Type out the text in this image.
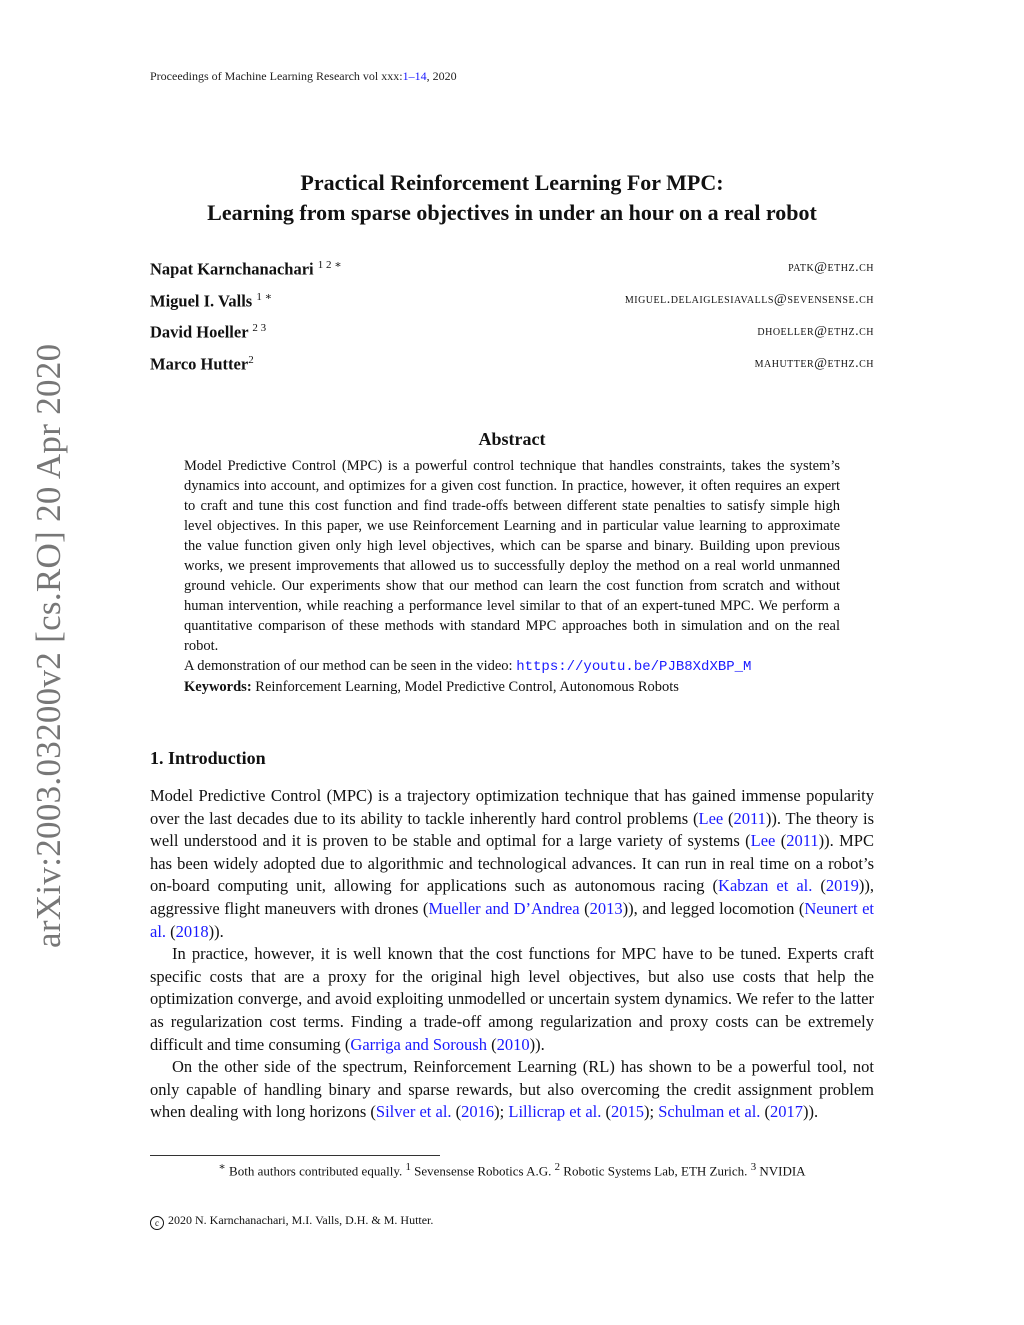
Proceedings of Machine Learning Research vol xxx:1–14, 2020
arXiv:2003.03200v2 [cs.RO] 20 Apr 2020
Practical Reinforcement Learning For MPC:
Learning from sparse objectives in under an hour on a real robot
Napat Karnchanachari $^{1 2 ∗}$	patk@ethz.ch
Miguel I. Valls $^{1 ∗}$	miguel.delaiglesiavalls@sevensense.ch
David Hoeller $^{2 3}$	dhoeller@ethz.ch
Marco Hutter$^2$	mahutter@ethz.ch
Abstract

Model Predictive Control (MPC) is a powerful control technique that handles constraints, takes the system’s dynamics into account, and optimizes for a given cost function. In practice, however, it often requires an expert to craft and tune this cost function and find trade-offs between different state penalties to satisfy simple high level objectives. In this paper, we use Reinforcement Learning and in particular value learning to approximate the value function given only high level objectives, which can be sparse and binary. Building upon previous works, we present improvements that allowed us to successfully deploy the method on a real world unmanned ground vehicle. Our experiments show that our method can learn the cost function from scratch and without human intervention, while reaching a performance level similar to that of an expert-tuned MPC. We perform a quantitative comparison of these methods with standard MPC approaches both in simulation and on the real robot.

A demonstration of our method can be seen in the video: https://youtu.be/PJB8XdXBP_M

Keywords: Reinforcement Learning, Model Predictive Control, Autonomous Robots

1. Introduction

Model Predictive Control (MPC) is a trajectory optimization technique that has gained immense popularity over the last decades due to its ability to tackle inherently hard control problems (Lee (2011)). The theory is well understood and it is proven to be stable and optimal for a large variety of systems (Lee (2011)). MPC has been widely adopted due to algorithmic and technological advances. It can run in real time on a robot’s on-board computing unit, allowing for applications such as autonomous racing (Kabzan et al. (2019)), aggressive flight maneuvers with drones (Mueller and D’Andrea (2013)), and legged locomotion (Neunert et al. (2018)).

In practice, however, it is well known that the cost functions for MPC have to be tuned. Experts craft specific costs that are a proxy for the original high level objectives, but also use costs that help the optimization converge, and avoid exploiting unmodelled or uncertain system dynamics. We refer to the latter as regularization cost terms. Finding a trade-off among regularization and proxy costs can be extremely difficult and time consuming (Garriga and Soroush (2010)).

On the other side of the spectrum, Reinforcement Learning (RL) has shown to be a powerful tool, not only capable of handling binary and sparse rewards, but also overcoming the credit assignment problem when dealing with long horizons (Silver et al. (2016); Lillicrap et al. (2015); Schulman et al. (2017)).

∗ Both authors contributed equally. $^1$ Sevensense Robotics A.G. $^2$ Robotic Systems Lab, ETH Zurich. $^3$ NVIDIA
c 2020 N. Karnchanachari, M.I. Valls, D.H. & M. Hutter.
